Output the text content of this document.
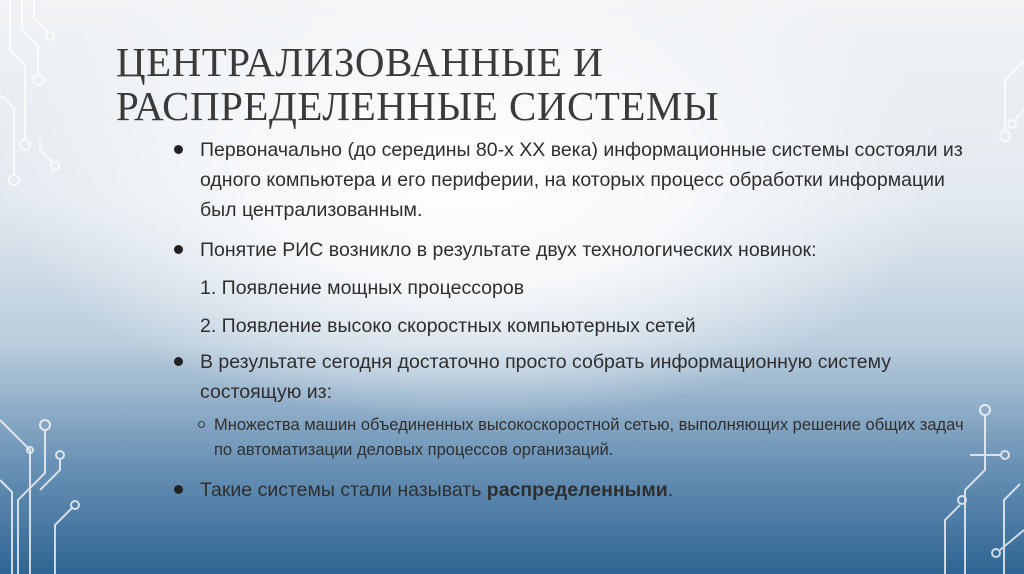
ЦЕНТРАЛИЗОВАННЫЕ И РАСПРЕДЕЛЕННЫЕ СИСТЕМЫ
Первоначально (до середины 80-х XX века) информационные системы состояли из одного компьютера и его периферии, на которых процесс обработки информации был централизованным.
Понятие РИС возникло в результате двух технологических новинок:
1. Появление мощных процессоров
2. Появление высоко скоростных компьютерных сетей
В результате сегодня достаточно просто собрать информационную систему состоящую из:
Множества машин объединенных высокоскоростной сетью, выполняющих решение общих задач по автоматизации деловых процессов организаций.
Такие системы стали называть распределенными.
